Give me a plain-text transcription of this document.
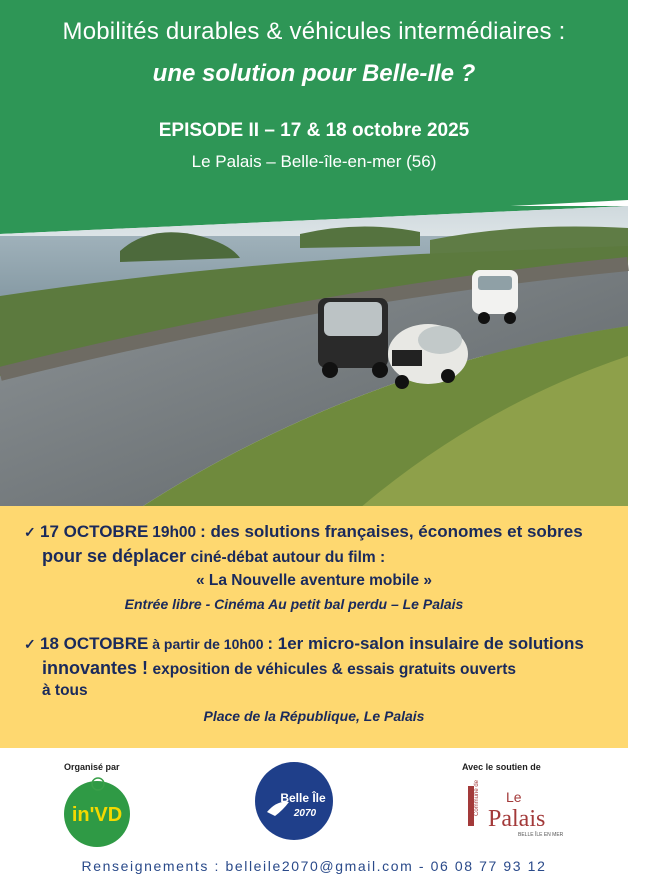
Mobilités durables & véhicules intermédiaires :
une solution pour Belle-Ile ?
EPISODE II – 17 & 18 octobre 2025
Le Palais – Belle-île-en-mer (56)
✓ 17 OCTOBRE 19h00 : des solutions françaises, économes et sobres
pour se déplacer ciné-débat autour du film :
« La Nouvelle aventure mobile »
Entrée libre - Cinéma Au petit bal perdu – Le Palais
✓ 18 OCTOBRE à partir de 10h00 : 1er micro-salon insulaire de solutions
innovantes ! exposition de véhicules & essais gratuits ouverts
à tous
Place de la République, Le Palais
Organisé par
in'VD
Belle Île
2070
Avec le soutien de
Commune de Le
Palais
BELLE ÎLE EN MER
Renseignements : belleile2070@gmail.com - 06 08 77 93 12
